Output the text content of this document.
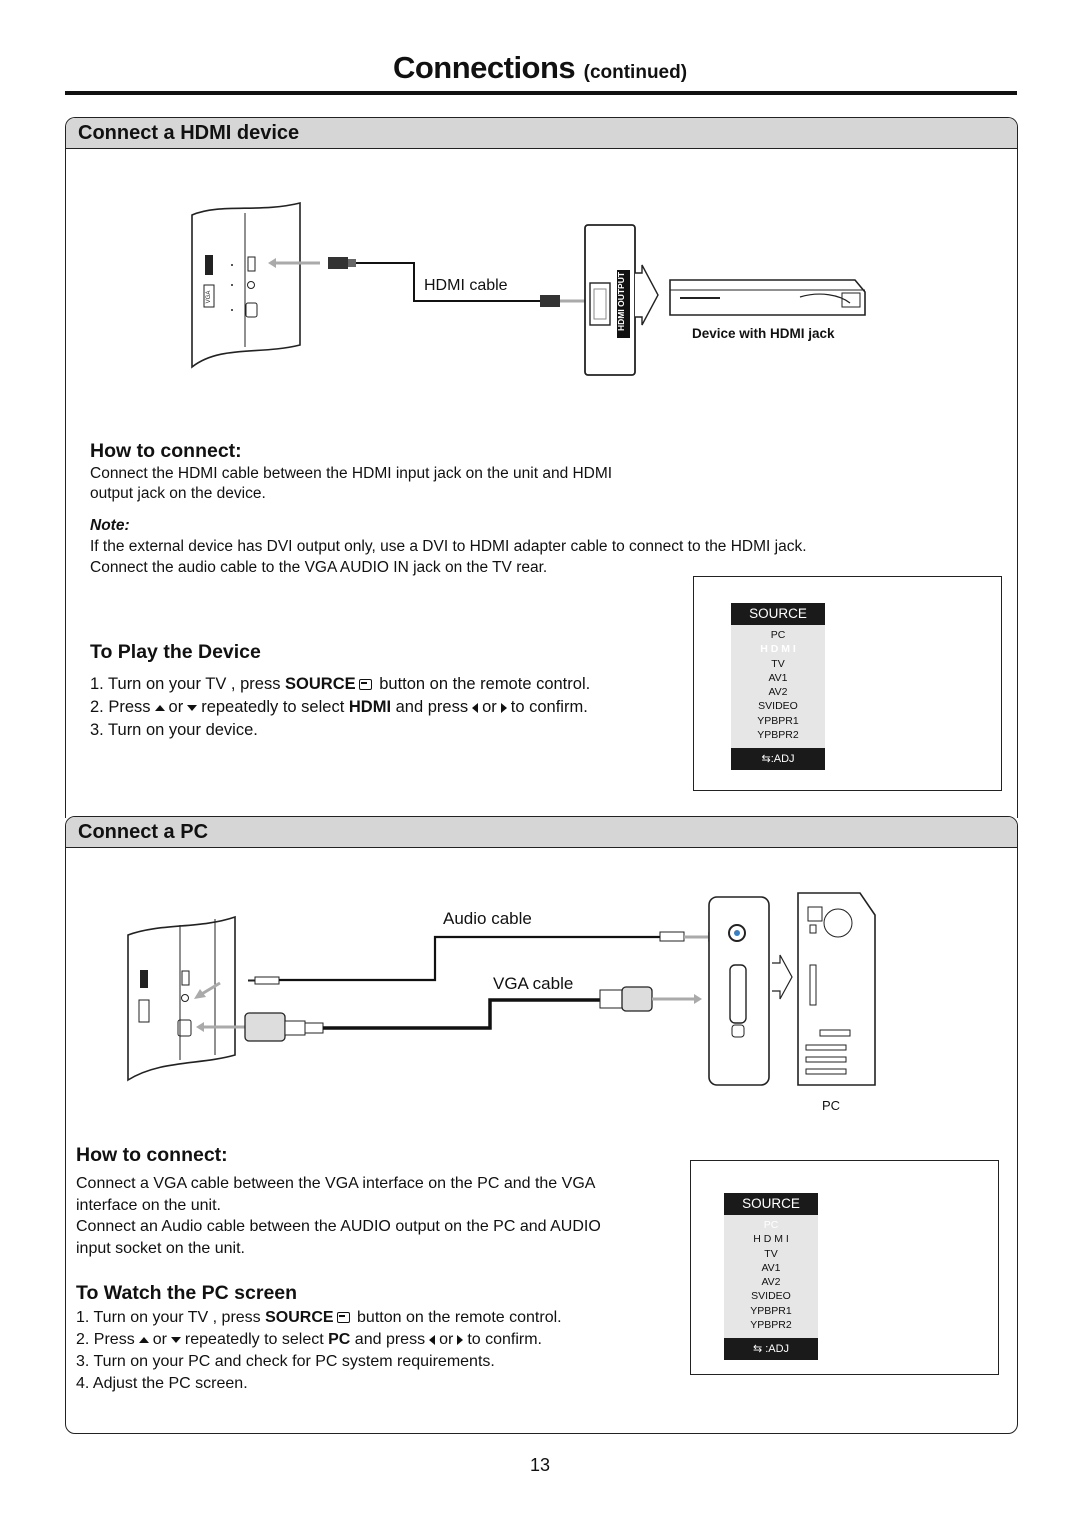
Connections (continued)
Connect a HDMI device
VGA
HDMI cable
Device with HDMI jack
How to connect:
Connect the HDMI cable between the HDMI input jack on the unit and HDMI
output jack on the device.
Note:
If the external device has DVI output only, use a DVI to HDMI adapter cable to connect to the HDMI jack.
Connect the audio cable to the VGA AUDIO IN jack on the TV rear.
To Play the Device
1. Turn on your TV , press SOURCE button on the remote control.
2. Press or repeatedly to select HDMI and press or to confirm.
3. Turn on your device.
SOURCE
PC
H D M I
TV
AV1
AV2
SVIDEO
YPBPR1
YPBPR2
⇆:ADJ
Connect a PC
Audio cable
VGA cable
PC
How to connect:
Connect a VGA cable between the VGA interface on the PC and the VGA
interface on the unit.
Connect an Audio cable between the AUDIO output on the PC and AUDIO
input socket on the unit.
To Watch the PC screen
1. Turn on your TV , press SOURCE button on the remote control.
2. Press or repeatedly to select PC and press or to confirm.
3. Turn on your PC and check for PC system requirements.
4. Adjust the PC screen.
SOURCE
PC
H D M I
TV
AV1
AV2
SVIDEO
YPBPR1
YPBPR2
⇆ :ADJ
13
